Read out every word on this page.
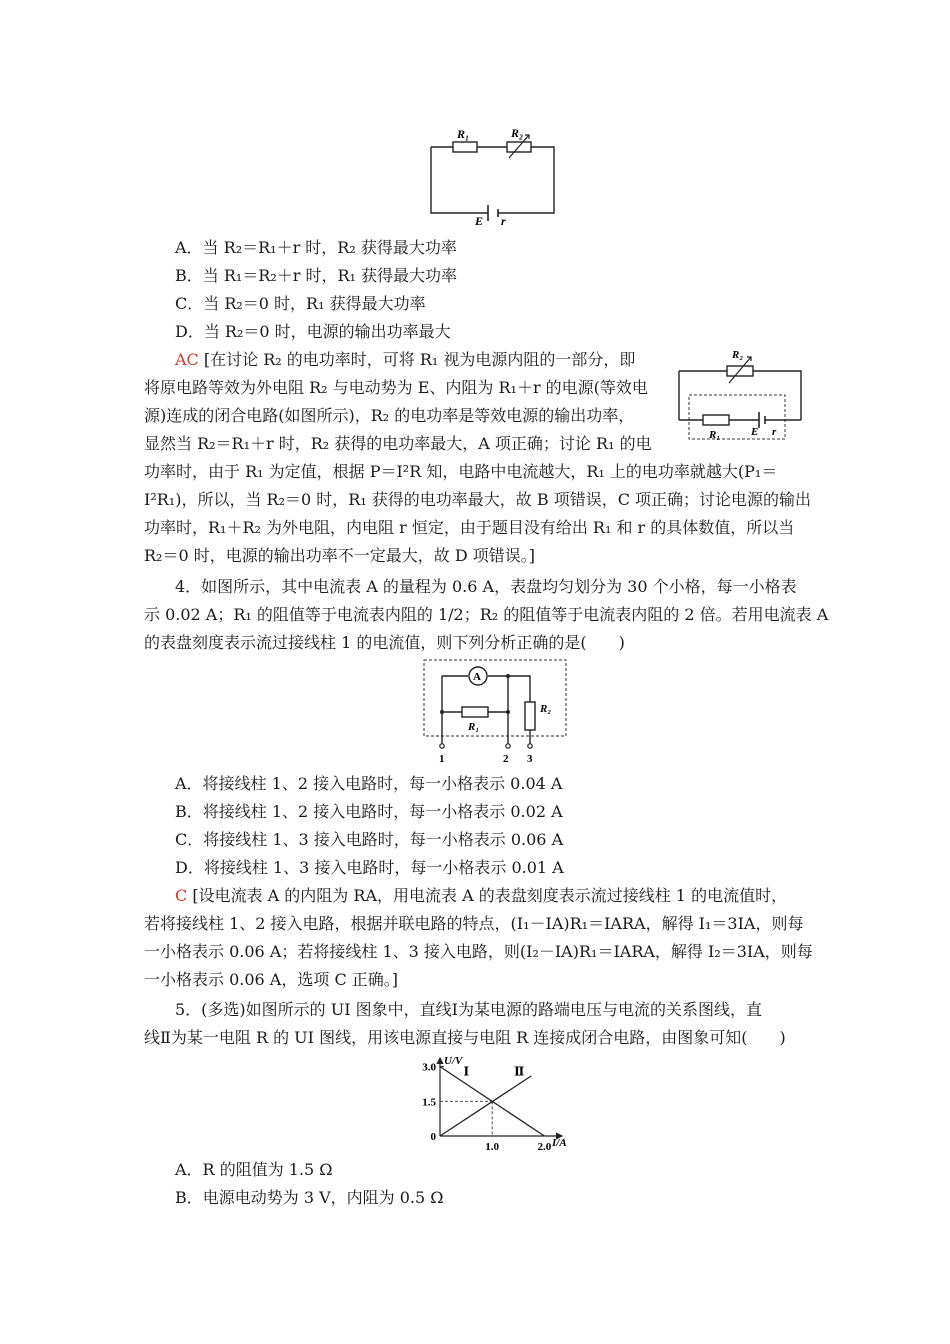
R₁	R₂
E r
A．当 R₂＝R₁＋r 时，R₂ 获得最大功率
B．当 R₁＝R₂＋r 时，R₁ 获得最大功率
C．当 R₂＝0 时，R₁ 获得最大功率
D．当 R₂＝0 时，电源的输出功率最大
AC [在讨论 R₂ 的电功率时，可将 R₁ 视为电源内阻的一部分，即
将原电路等效为外电阻 R₂ 与电动势为 E、内阻为 R₁＋r 的电源(等效电
源)连成的闭合电路(如图所示)，R₂ 的电功率是等效电源的输出功率，
显然当 R₂＝R₁＋r 时，R₂ 获得的电功率最大，A 项正确；讨论 R₁ 的电
功率时，由于 R₁ 为定值，根据 P＝I²R 知，电路中电流越大，R₁ 上的电功率就越大(P₁＝
I²R₁)，所以，当 R₂＝0 时，R₁ 获得的电功率最大，故 B 项错误，C 项正确；讨论电源的输出
功率时，R₁＋R₂ 为外电阻，内电阻 r 恒定，由于题目没有给出 R₁ 和 r 的具体数值，所以当
R₂＝0 时，电源的输出功率不一定最大，故 D 项错误。]
R₂
R₁	E r
4．如图所示，其中电流表 A 的量程为 0.6 A，表盘均匀划分为 30 个小格，每一小格表
示 0.02 A；R₁ 的阻值等于电流表内阻的 1/2；R₂ 的阻值等于电流表内阻的 2 倍。若用电流表 A
的表盘刻度表示流过接线柱 1 的电流值，则下列分析正确的是(　　)
A
R₁
R₂
1	2 3
A．将接线柱 1、2 接入电路时，每一小格表示 0.04 A
B．将接线柱 1、2 接入电路时，每一小格表示 0.02 A
C．将接线柱 1、3 接入电路时，每一小格表示 0.06 A
D．将接线柱 1、3 接入电路时，每一小格表示 0.01 A
C [设电流表 A 的内阻为 RA，用电流表 A 的表盘刻度表示流过接线柱 1 的电流值时，
若将接线柱 1、2 接入电路，根据并联电路的特点，(I₁－IA)R₁＝IARA，解得 I₁＝3IA，则每
一小格表示 0.06 A；若将接线柱 1、3 接入电路，则(I₂－IA)R₁＝IARA，解得 I₂＝3IA，则每
一小格表示 0.06 A，选项 C 正确。]
5．(多选)如图所示的 UI 图象中，直线Ⅰ为某电源的路端电压与电流的关系图线，直
线Ⅱ为某一电阻 R 的 UI 图线，用该电源直接与电阻 R 连接成闭合电路，由图象可知(　　)
Ⅰ	Ⅱ
3.0
1.5
0
1.0	2.0
U/V
I/A
A．R 的阻值为 1.5 Ω
B．电源电动势为 3 V，内阻为 0.5 Ω
